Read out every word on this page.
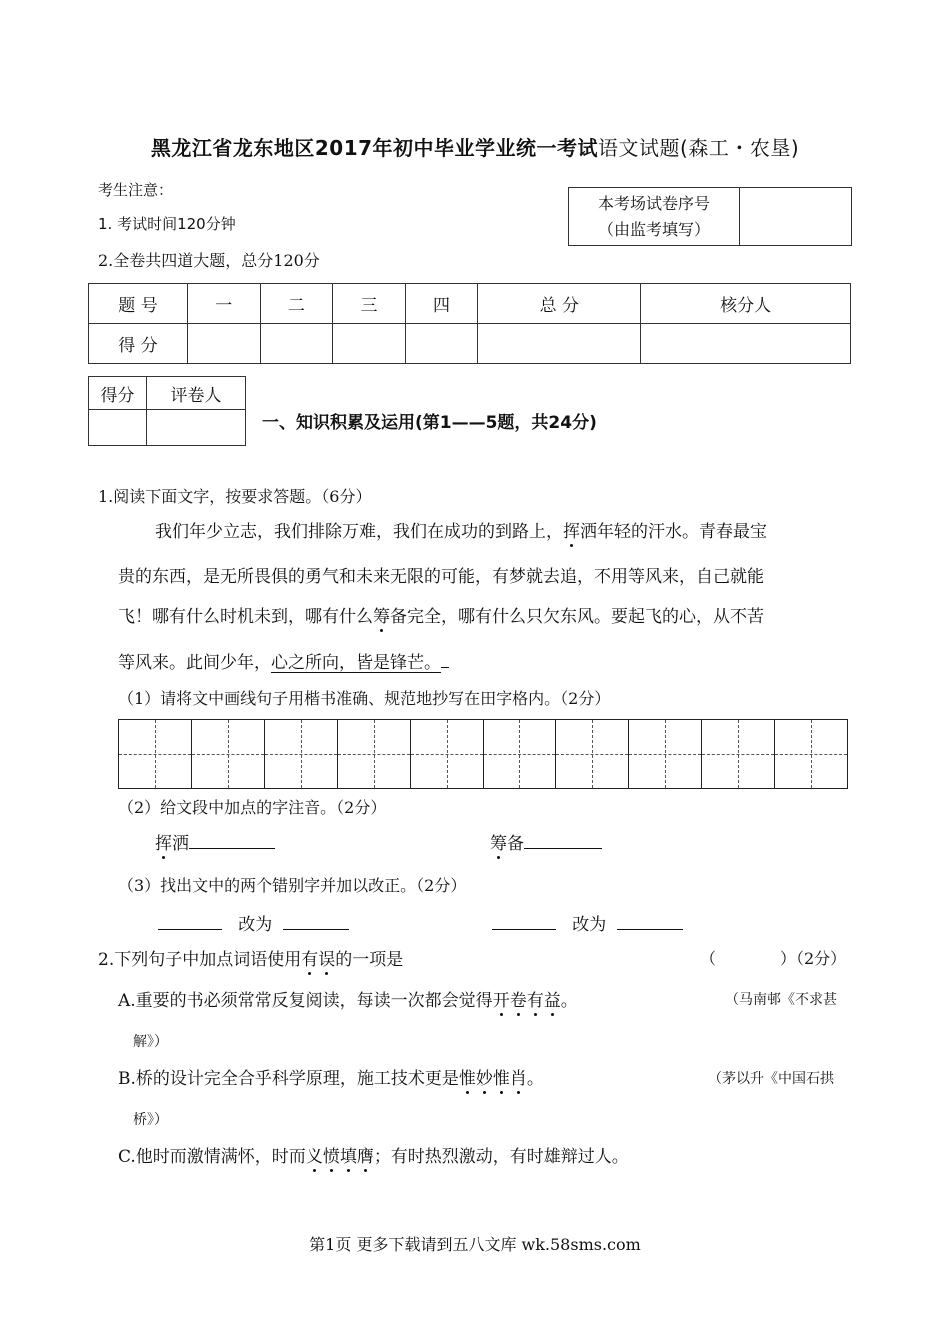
黑龙江省龙东地区2017年初中毕业学业统一考试语文试题(森工・农垦)
考生注意：
1. 考试时间120分钟
2.全卷共四道大题，总分120分
本考场试卷序号
（由监考填写）

题 号	一	二	三	四	总 分	核分人
得 分						
得分	评卷人

一、知识积累及运用(第1——5题，共24分)
1.阅读下面文字，按要求答题。（6分）
我们年少立志，我们排除万难，我们在成功的到路上，挥洒年轻的汗水。青春最宝
贵的东西，是无所畏俱的勇气和未来无限的可能，有梦就去追，不用等风来，自己就能
飞！哪有什么时机未到，哪有什么筹备完全，哪有什么只欠东风。要起飞的心，从不苦
等风来。此间少年，心之所向，皆是锋芒。
（1）请将文中画线句子用楷书准确、规范地抄写在田字格内。（2分）
（2）给文段中加点的字注音。（2分）
挥洒	筹备
（3）找出文中的两个错别字并加以改正。（2分）
改为	改为
2.下列句子中加点词语使用有误的一项是	（　　　　）（2分）
A.重要的书必须常常反复阅读，每读一次都会觉得开卷有益。	（马南邨《不求甚
解》）
B.桥的设计完全合乎科学原理，施工技术更是惟妙惟肖。	（茅以升《中国石拱
桥》）
C.他时而激情满怀，时而义愤填膺；有时热烈激动，有时雄辩过人。
第1页 更多下载请到五八文库 wk.58sms.com
